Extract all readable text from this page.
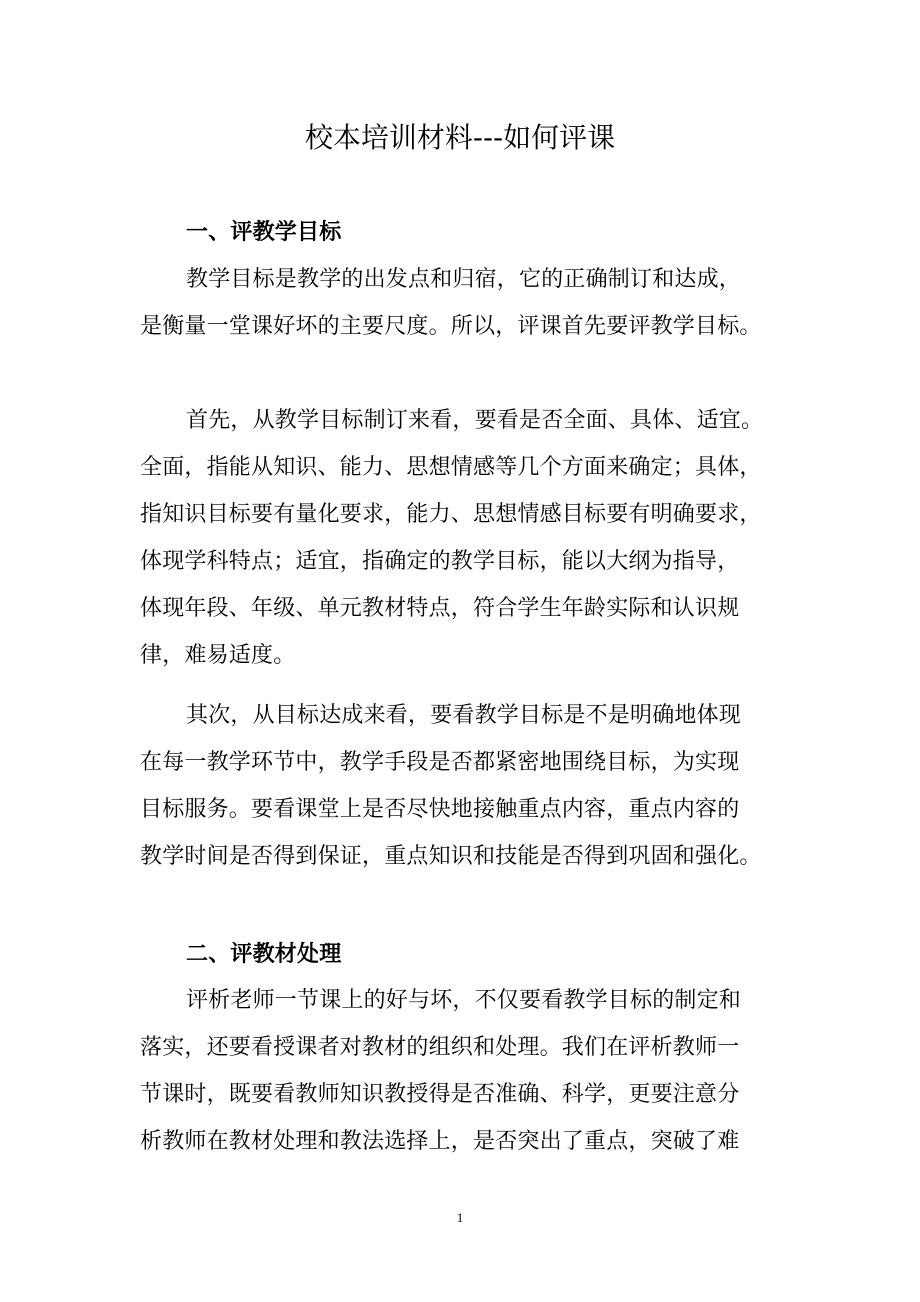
校本培训材料---如何评课
一、评教学目标
教学目标是教学的出发点和归宿，它的正确制订和达成，
是衡量一堂课好坏的主要尺度。所以，评课首先要评教学目标。
首先，从教学目标制订来看，要看是否全面、具体、适宜。
全面，指能从知识、能力、思想情感等几个方面来确定；具体，
指知识目标要有量化要求，能力、思想情感目标要有明确要求，
体现学科特点；适宜，指确定的教学目标，能以大纲为指导，
体现年段、年级、单元教材特点，符合学生年龄实际和认识规
律，难易适度。
其次，从目标达成来看，要看教学目标是不是明确地体现
在每一教学环节中，教学手段是否都紧密地围绕目标，为实现
目标服务。要看课堂上是否尽快地接触重点内容，重点内容的
教学时间是否得到保证，重点知识和技能是否得到巩固和强化。
二、评教材处理
评析老师一节课上的好与坏，不仅要看教学目标的制定和
落实，还要看授课者对教材的组织和处理。我们在评析教师一
节课时，既要看教师知识教授得是否准确、科学，更要注意分
析教师在教材处理和教法选择上，是否突出了重点，突破了难
1
